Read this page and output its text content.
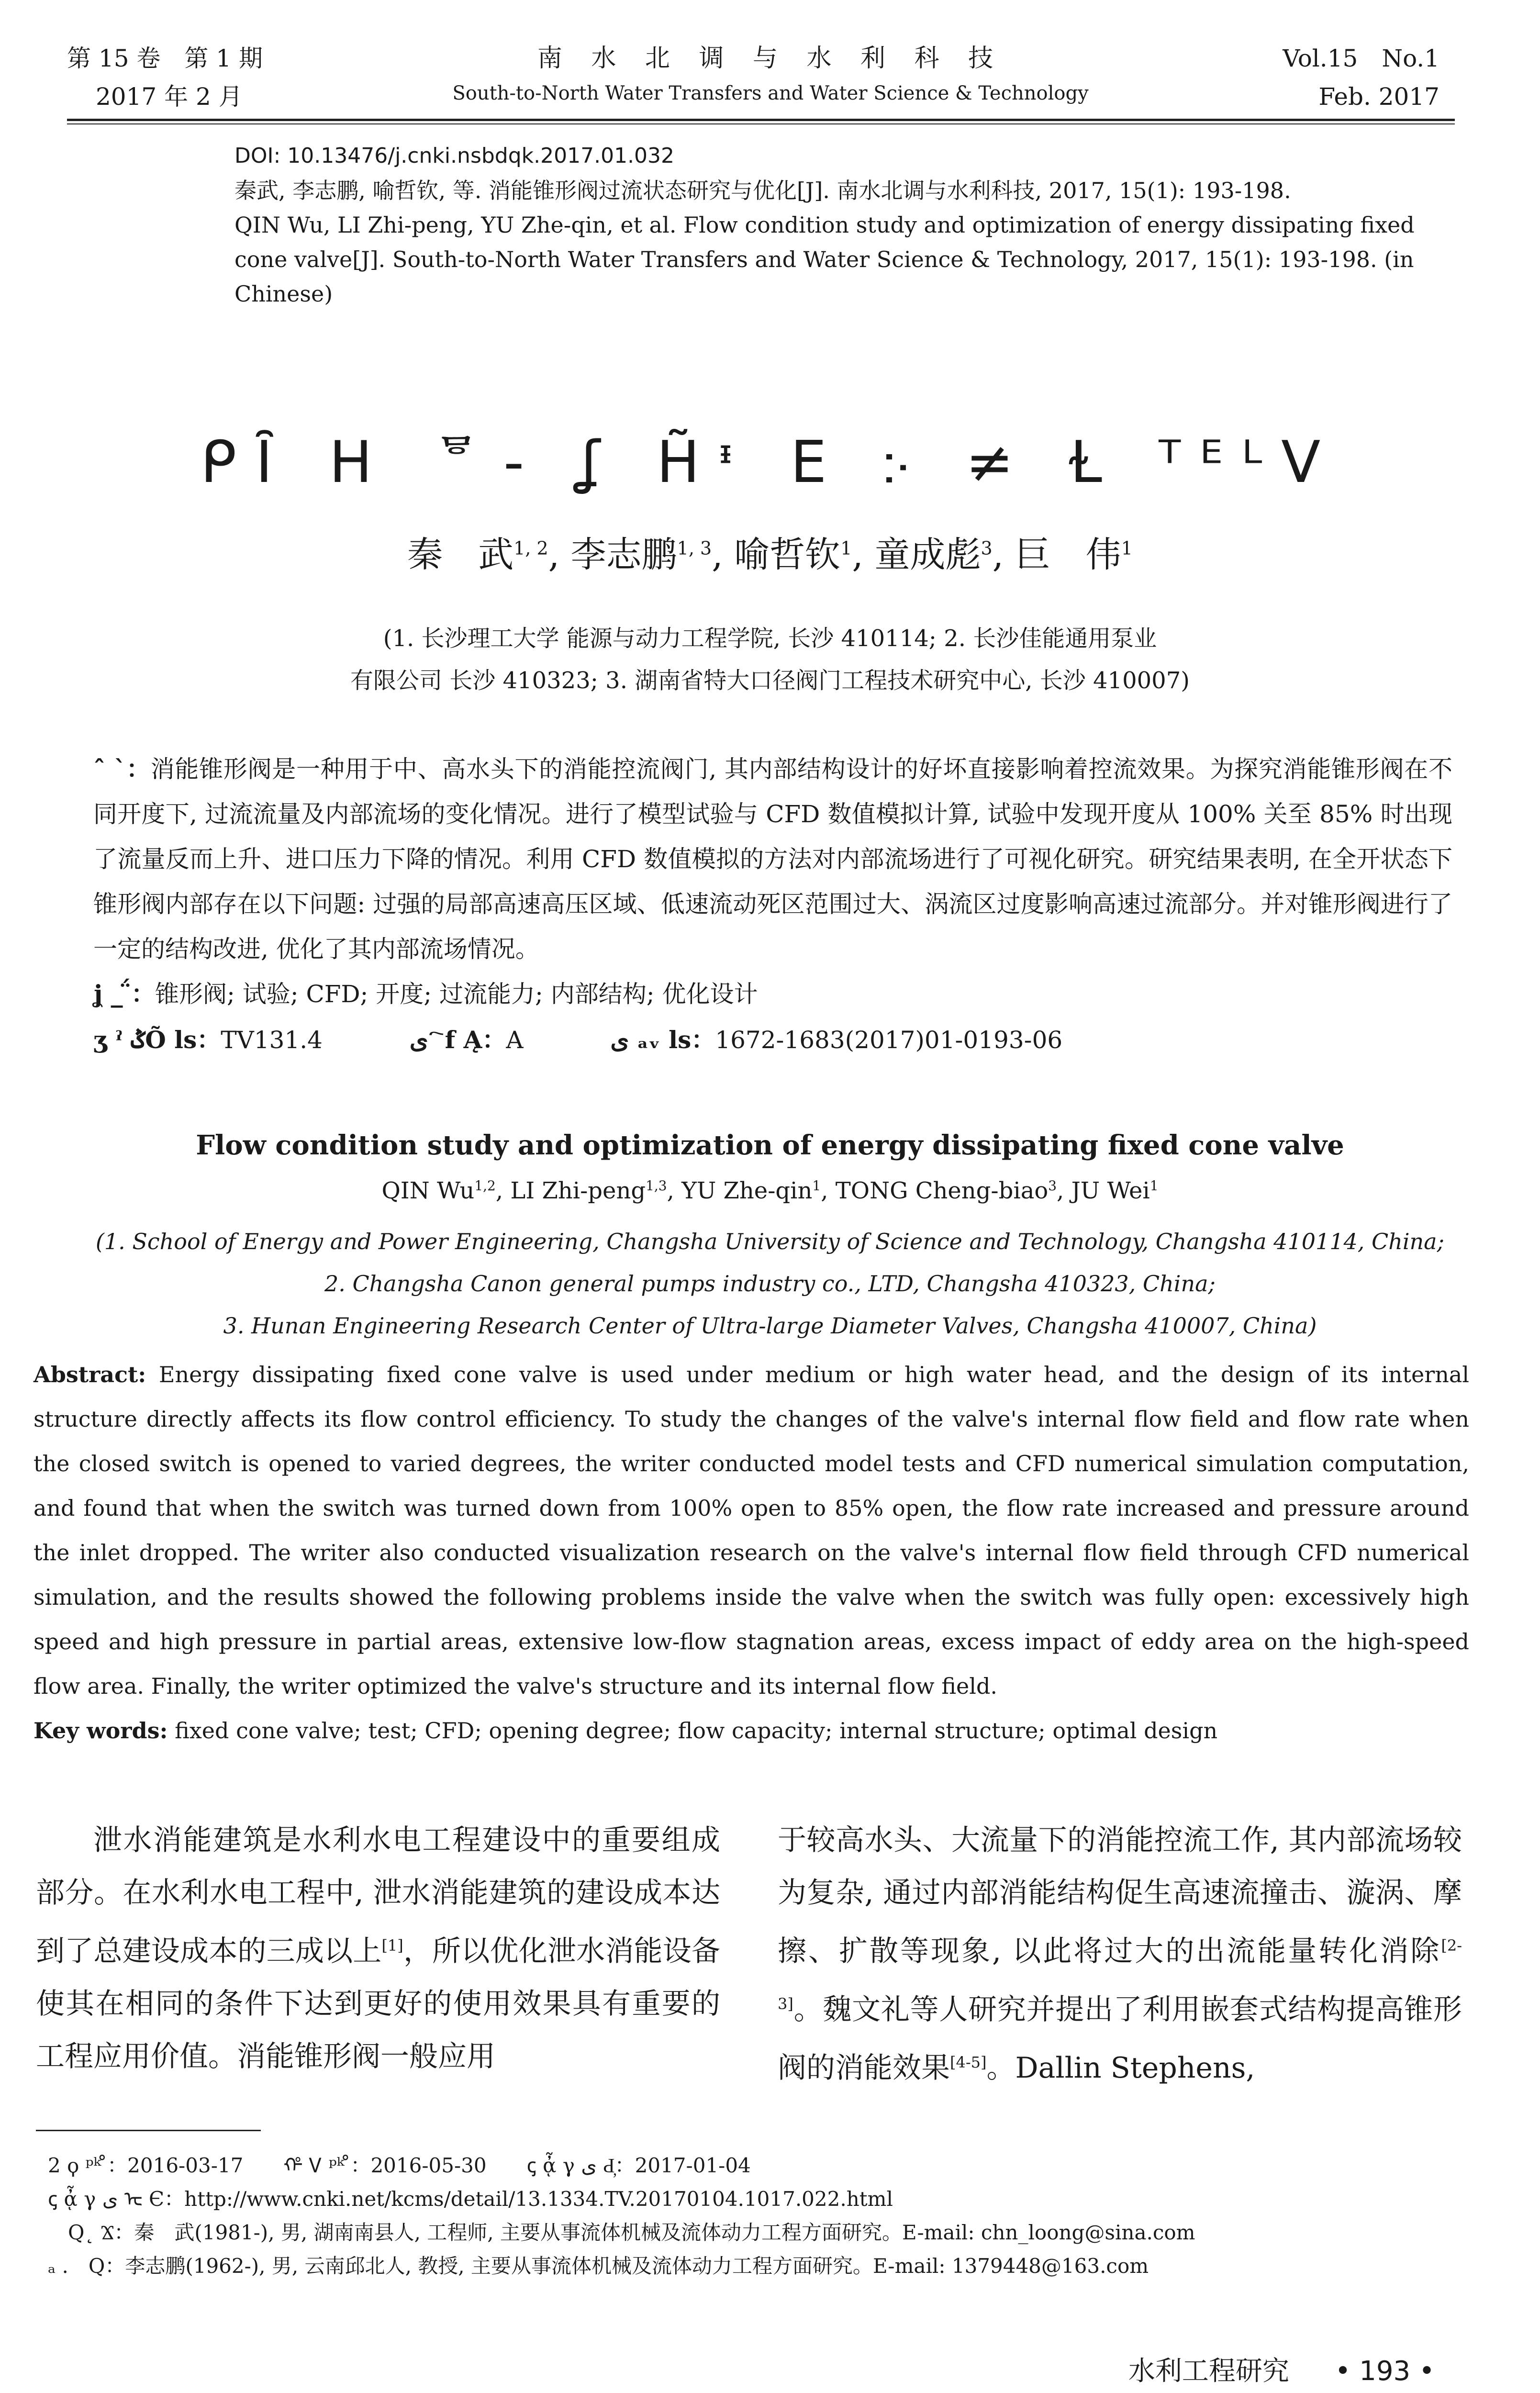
第 15 卷　第 1 期
2017 年 2 月
南 水 北 调 与 水 利 科 技
South-to-North Water Transfers and Water Science & Technology
Vol.15　No.1
Feb. 2017
DOI: 10.13476/j.cnki.nsbdqk.2017.01.032
秦武, 李志鹏, 喻哲钦, 等. 消能锥形阀过流状态研究与优化[J]. 南水北调与水利科技, 2017, 15(1): 193-198.
QIN Wu, LI Zhi-peng, YU Zhe-qin, et al. Flow condition study and optimization of energy dissipating fixed cone valve[J]. South-to-North Water Transfers and Water Science & Technology, 2017, 15(1): 193-198. (in Chinese)
ᑭȊ ᕼ ᄝ- ʆ H̃ᶧ E ჻ ≠ Ɫ ᵀᴱᴸV
秦　武$^{1, 2}$, 李志鹏$^{1, 3}$, 喻哲钦$^1$, 童成彪$^3$, 巨　伟$^1$
(1. 长沙理工大学 能源与动力工程学院, 长沙 410114; 2. 长沙佳能通用泵业
有限公司 长沙 410323; 3. 湖南省特大口径阀门工程技术研究中心, 长沙 410007)
ˆ ˋ：消能锥形阀是一种用于中、高水头下的消能控流阀门, 其内部结构设计的好坏直接影响着控流效果。为探究消能锥形阀在不同开度下, 过流流量及内部流场的变化情况。进行了模型试验与 CFD 数值模拟计算, 试验中发现开度从 100% 关至 85% 时出现了流量反而上升、进口压力下降的情况。利用 CFD 数值模拟的方法对内部流场进行了可视化研究。研究结果表明, 在全开状态下锥形阀内部存在以下问题: 过强的局部高速高压区域、低速流动死区范围过大、涡流区过度影响高速过流部分。并对锥形阀进行了一定的结构改进, 优化了其内部流场情况。
ʝ _ ̈́：锥形阀; 试验; CFD; 开度; 过流能力; 内部结构; 优化设计
ʒ ˀ ݣÕ ls：TV131.4	ى ҇ f Ą：A	ى ₐᵥ ls：1672-1683(2017)01-0193-06
Flow condition study and optimization of energy dissipating fixed cone valve
QIN Wu$^{1,2}$, LI Zhi-peng$^{1,3}$, YU Zhe-qin$^1$, TONG Cheng-biao$^3$, JU Wei$^1$
(1. School of Energy and Power Engineering, Changsha University of Science and Technology, Changsha 410114, China;
2. Changsha Canon general pumps industry co., LTD, Changsha 410323, China;
3. Hunan Engineering Research Center of Ultra-large Diameter Valves, Changsha 410007, China)
Abstract: Energy dissipating fixed cone valve is used under medium or high water head, and the design of its internal structure directly affects its flow control efficiency. To study the changes of the valve's internal flow field and flow rate when the closed switch is opened to varied degrees, the writer conducted model tests and CFD numerical simulation computation, and found that when the switch was turned down from 100% open to 85% open, the flow rate increased and pressure around the inlet dropped. The writer also conducted visualization research on the valve's internal flow field through CFD numerical simulation, and the results showed the following problems inside the valve when the switch was fully open: excessively high speed and high pressure in partial areas, extensive low-flow stagnation areas, excess impact of eddy area on the high-speed flow area. Finally, the writer optimized the valve's structure and its internal flow field.
Key words: fixed cone valve; test; CFD; opening degree; flow capacity; internal structure; optimal design
泄水消能建筑是水利水电工程建设中的重要组成部分。在水利水电工程中, 泄水消能建筑的建设成本达到了总建设成本的三成以上[1]，所以优化泄水消能设备使其在相同的条件下达到更好的使用效果具有重要的工程应用价值。消能锥形阀一般应用
于较高水头、大流量下的消能控流工作, 其内部流场较为复杂, 通过内部消能结构促生高速流撞击、漩涡、摩擦、扩散等现象, 以此将过大的出流能量转化消除[2-3]。魏文礼等人研究并提出了利用嵌套式结构提高锥形阀的消能效果[4-5]。Dallin Stephens,
2 ϙ ᵖᵏ ̊：2016-03-17　　ᡥ Ꮩ ᵖᵏ ̊：2016-05-30　　ꞔ ᾆ γ ى Ԁ̦：2017-01-04
ꞔ ᾆ γ ى ᡄ Є：http://www.cnki.net/kcms/detail/13.1334.TV.20170104.1017.022.html
　Q˛ Ϫ：秦　武(1981-), 男, 湖南南县人, 工程师, 主要从事流体机械及流体动力工程方面研究。E-mail: chn_loong@sina.com
ₐ .　Q：李志鹏(1962-), 男, 云南邱北人, 教授, 主要从事流体机械及流体动力工程方面研究。E-mail: 1379448@163.com
水利工程研究 • 193 •
